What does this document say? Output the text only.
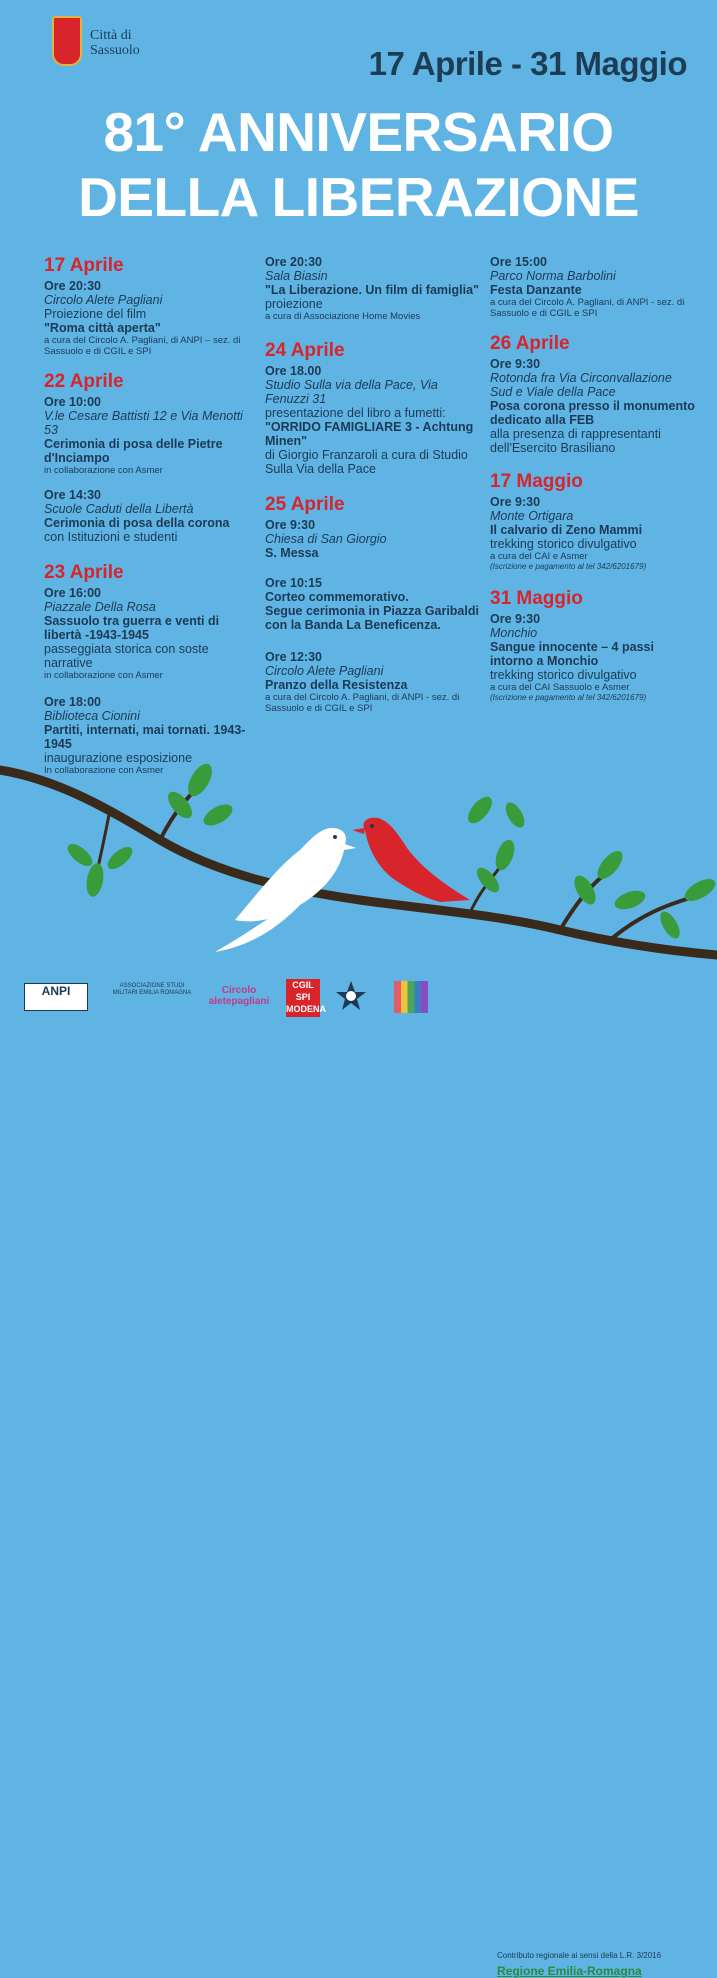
Città di Sassuolo	17 Aprile - 31 Maggio
81° ANNIVERSARIO
DELLA LIBERAZIONE
17 Aprile
Ore 20:30
Circolo Alete Pagliani
Proiezione del film
"Roma città aperta"
a cura del Circolo A. Pagliani, di ANPI – sez. di Sassuolo e di CGIL e SPI
22 Aprile
Ore 10:00
V.le Cesare Battisti 12 e Via Menotti 53
Cerimonia di posa delle Pietre d'Inciampo
in collaborazione con Asmer
Ore 14:30
Scuole Caduti della Libertà
Cerimonia di posa della corona
con Istituzioni e studenti
23 Aprile
Ore 16:00
Piazzale Della Rosa
Sassuolo tra guerra e venti di libertà -1943-1945
passeggiata storica con soste narrative
in collaborazione con Asmer
Ore 18:00
Biblioteca Cionini
Partiti, internati, mai tornati. 1943-1945
inaugurazione esposizione
In collaborazione con Asmer
Ore 20:30
Sala Biasin
"La Liberazione. Un film di famiglia"
proiezione
a cura di Associazione Home Movies
24 Aprile
Ore 18.00
Studio Sulla via della Pace, Via Fenuzzi 31
presentazione del libro a fumetti:
"ORRIDO FAMIGLIARE 3 - Achtung Minen"
di Giorgio Franzaroli a cura di Studio Sulla Via della Pace
25 Aprile
Ore 9:30
Chiesa di San Giorgio
S. Messa
Ore 10:15
Corteo commemorativo.
Segue cerimonia in Piazza Garibaldi con la Banda La Beneficenza.
Ore 12:30
Circolo Alete Pagliani
Pranzo della Resistenza
a cura del Circolo A. Pagliani, di ANPI - sez. di Sassuolo e di CGIL e SPI
Ore 15:00
Parco Norma Barbolini
Festa Danzante
a cura del Circolo A. Pagliani, di ANPI - sez. di Sassuolo e di CGIL e SPI
26 Aprile
Ore 9:30
Rotonda fra Via Circonvallazione Sud e Viale della Pace
Posa corona presso il monumento dedicato alla FEB
alla presenza di rappresentanti dell'Esercito Brasiliano
17 Maggio
Ore 9:30
Monte Ortigara
Il calvario di Zeno Mammi
trekking storico divulgativo
a cura del CAI e Asmer
(Iscrizione e pagamento al tel 342/6201679)
31 Maggio
Ore 9:30
Monchio
Sangue innocente – 4 passi intorno a Monchio
trekking storico divulgativo
a cura del CAI Sassuolo e Asmer
(Iscrizione e pagamento al tel 342/6201679)
ANPI	ASSOCIAZIONE STUDI MILITARI EMILIA ROMAGNA	Circolo aletepagliani
CGIL SPI MODENA
Contributo regionale ai sensi della L.R. 3/2016
Regione Emilia-Romagna
